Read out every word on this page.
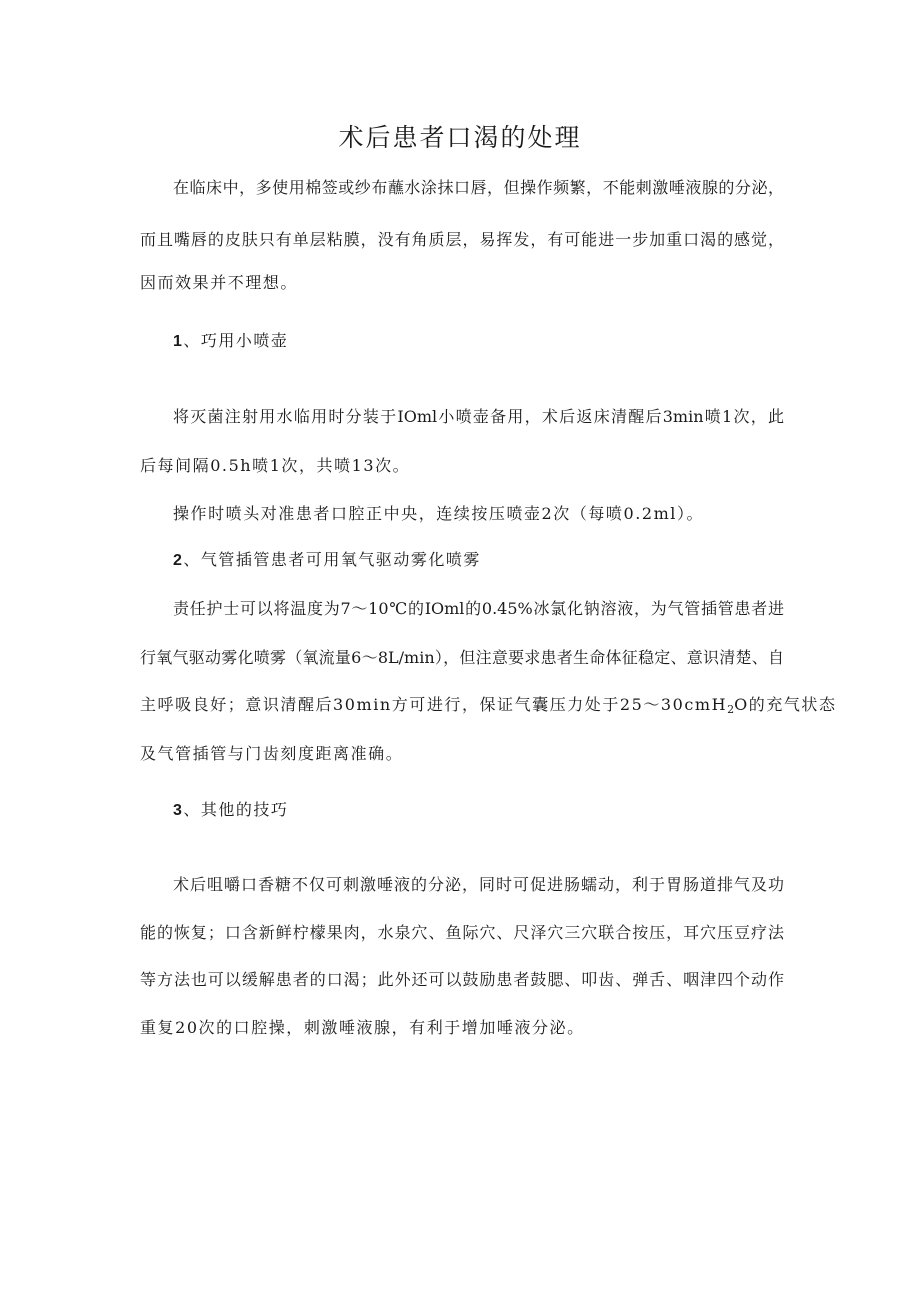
术后患者口渴的处理

在临床中，多使用棉签或纱布蘸水涂抹口唇，但操作频繁，不能刺激唾液腺的分泌，

而且嘴唇的皮肤只有单层粘膜，没有角质层，易挥发，有可能进一步加重口渴的感觉，

因而效果并不理想。

1、巧用小喷壶

将灭菌注射用水临用时分装于IOml小喷壶备用，术后返床清醒后3min喷1次，此

后每间隔0.5h喷1次，共喷13次。

操作时喷头对准患者口腔正中央，连续按压喷壶2次（每喷0.2ml）。

2、气管插管患者可用氧气驱动雾化喷雾

责任护士可以将温度为7～10℃的IOml的0.45%冰氯化钠溶液，为气管插管患者进

行氧气驱动雾化喷雾（氧流量6～8L/min），但注意要求患者生命体征稳定、意识清楚、自

主呼吸良好；意识清醒后30min方可进行，保证气囊压力处于25～30cmH$_2$O的充气状态

及气管插管与门齿刻度距离准确。

3、其他的技巧

术后咀嚼口香糖不仅可刺激唾液的分泌，同时可促进肠蠕动，利于胃肠道排气及功

能的恢复；口含新鲜柠檬果肉，水泉穴、鱼际穴、尺泽穴三穴联合按压，耳穴压豆疗法

等方法也可以缓解患者的口渴；此外还可以鼓励患者鼓腮、叩齿、弹舌、咽津四个动作

重复20次的口腔操，刺激唾液腺，有利于增加唾液分泌。
